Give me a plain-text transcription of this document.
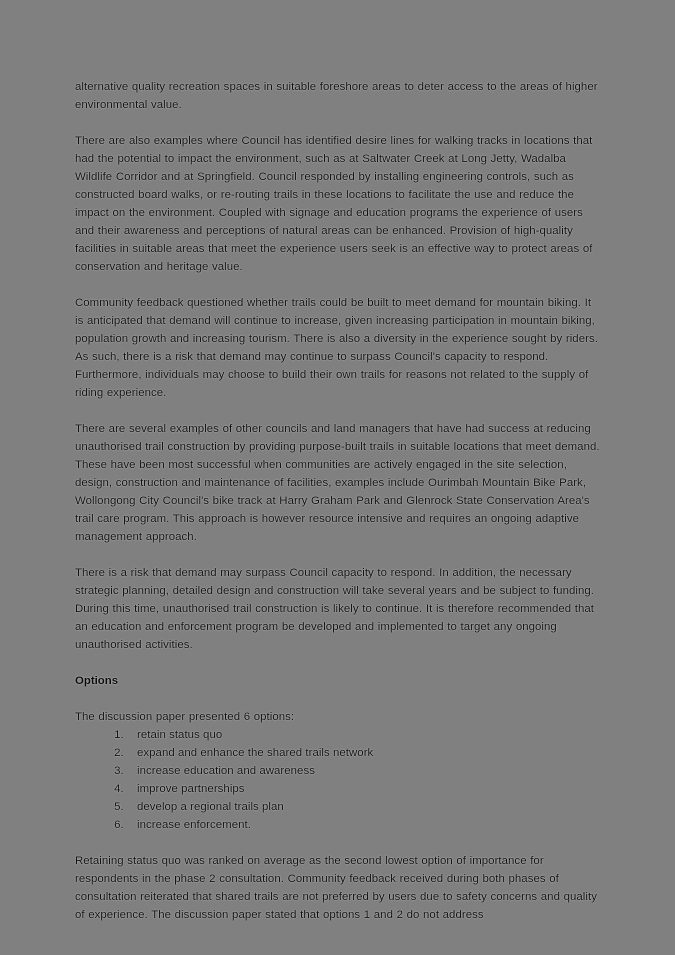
alternative quality recreation spaces in suitable foreshore areas to deter access to the areas of higher environmental value.

There are also examples where Council has identified desire lines for walking tracks in locations that had the potential to impact the environment, such as at Saltwater Creek at Long Jetty, Wadalba Wildlife Corridor and at Springfield. Council responded by installing engineering controls, such as constructed board walks, or re-routing trails in these locations to facilitate the use and reduce the impact on the environment. Coupled with signage and education programs the experience of users and their awareness and perceptions of natural areas can be enhanced. Provision of high-quality facilities in suitable areas that meet the experience users seek is an effective way to protect areas of conservation and heritage value.

Community feedback questioned whether trails could be built to meet demand for mountain biking. It is anticipated that demand will continue to increase, given increasing participation in mountain biking, population growth and increasing tourism. There is also a diversity in the experience sought by riders. As such, there is a risk that demand may continue to surpass Council's capacity to respond. Furthermore, individuals may choose to build their own trails for reasons not related to the supply of riding experience.

There are several examples of other councils and land managers that have had success at reducing unauthorised trail construction by providing purpose-built trails in suitable locations that meet demand. These have been most successful when communities are actively engaged in the site selection, design, construction and maintenance of facilities, examples include Ourimbah Mountain Bike Park, Wollongong City Council's bike track at Harry Graham Park and Glenrock State Conservation Area's trail care program. This approach is however resource intensive and requires an ongoing adaptive management approach.

There is a risk that demand may surpass Council capacity to respond. In addition, the necessary strategic planning, detailed design and construction will take several years and be subject to funding. During this time, unauthorised trail construction is likely to continue. It is therefore recommended that an education and enforcement program be developed and implemented to target any ongoing unauthorised activities.

Options

The discussion paper presented 6 options:

1. retain status quo
2. expand and enhance the shared trails network
3. increase education and awareness
4. improve partnerships
5. develop a regional trails plan
6. increase enforcement.

Retaining status quo was ranked on average as the second lowest option of importance for respondents in the phase 2 consultation. Community feedback received during both phases of consultation reiterated that shared trails are not preferred by users due to safety concerns and quality of experience. The discussion paper stated that options 1 and 2 do not address
